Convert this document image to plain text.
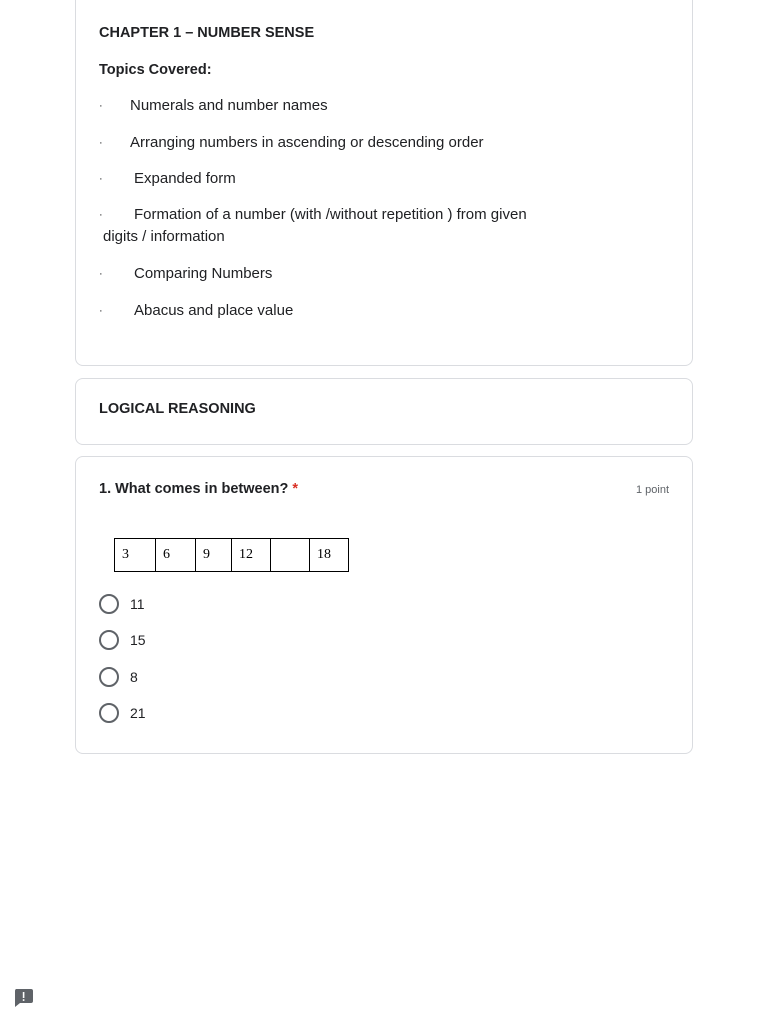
CHAPTER 1 – NUMBER SENSE
Topics Covered:
· Numerals and number names
· Arranging numbers in ascending or descending order
· Expanded form
· Formation of a number (with /without repetition ) from given
digits / information
· Comparing Numbers
· Abacus and place value
LOGICAL REASONING
1. What comes in between? *	1 point
3	6	9	12		18
11
15
8
21
